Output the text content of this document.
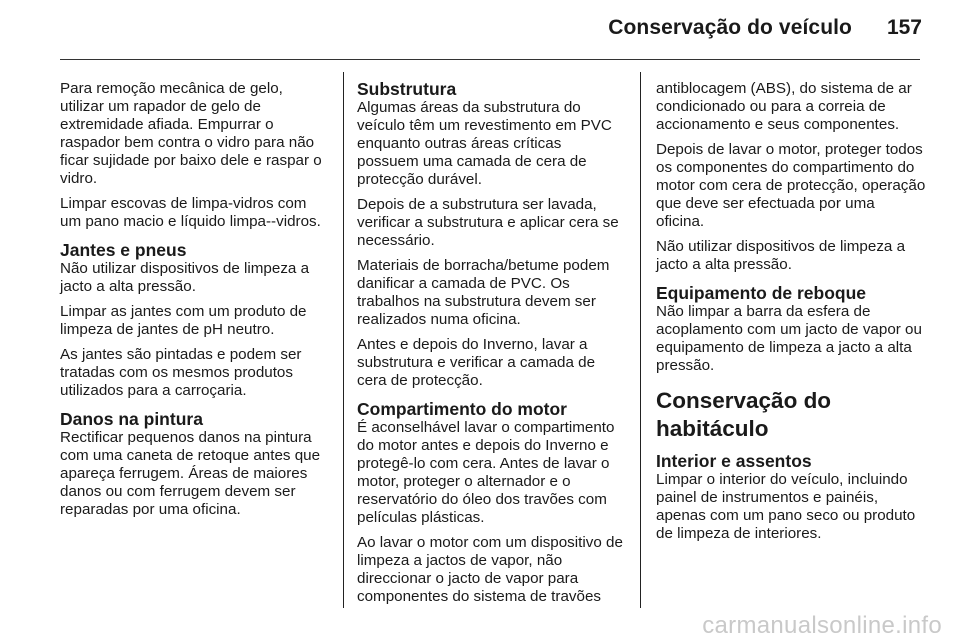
Conservação do veículo 157

Para remoção mecânica de gelo, utilizar um rapador de gelo de extremidade afiada. Empurrar o raspador bem contra o vidro para não ficar sujidade por baixo dele e raspar o vidro.

Limpar escovas de limpa-vidros com um pano macio e líquido limpa--vidros.

Jantes e pneus

Não utilizar dispositivos de limpeza a jacto a alta pressão.

Limpar as jantes com um produto de limpeza de jantes de pH neutro.

As jantes são pintadas e podem ser tratadas com os mesmos produtos utilizados para a carroçaria.

Danos na pintura

Rectificar pequenos danos na pintura com uma caneta de retoque antes que apareça ferrugem. Áreas de maiores danos ou com ferrugem devem ser reparadas por uma oficina.

Substrutura

Algumas áreas da substrutura do veículo têm um revestimento em PVC enquanto outras áreas críticas possuem uma camada de cera de protecção durável.

Depois de a substrutura ser lavada, verificar a substrutura e aplicar cera se necessário.

Materiais de borracha/betume podem danificar a camada de PVC. Os trabalhos na substrutura devem ser realizados numa oficina.

Antes e depois do Inverno, lavar a substrutura e verificar a camada de cera de protecção.

Compartimento do motor

É aconselhável lavar o compartimento do motor antes e depois do Inverno e protegê-lo com cera. Antes de lavar o motor, proteger o alternador e o reservatório do óleo dos travões com películas plásticas.

Ao lavar o motor com um dispositivo de limpeza a jactos de vapor, não direccionar o jacto de vapor para componentes do sistema de travões

antiblocagem (ABS), do sistema de ar condicionado ou para a correia de accionamento e seus componentes.

Depois de lavar o motor, proteger todos os componentes do compartimento do motor com cera de protecção, operação que deve ser efectuada por uma oficina.

Não utilizar dispositivos de limpeza a jacto a alta pressão.

Equipamento de reboque

Não limpar a barra da esfera de acoplamento com um jacto de vapor ou equipamento de limpeza a jacto a alta pressão.

Conservação do habitáculo
Interior e assentos

Limpar o interior do veículo, incluindo painel de instrumentos e painéis, apenas com um pano seco ou produto de limpeza de interiores.

carmanualsonline.info
